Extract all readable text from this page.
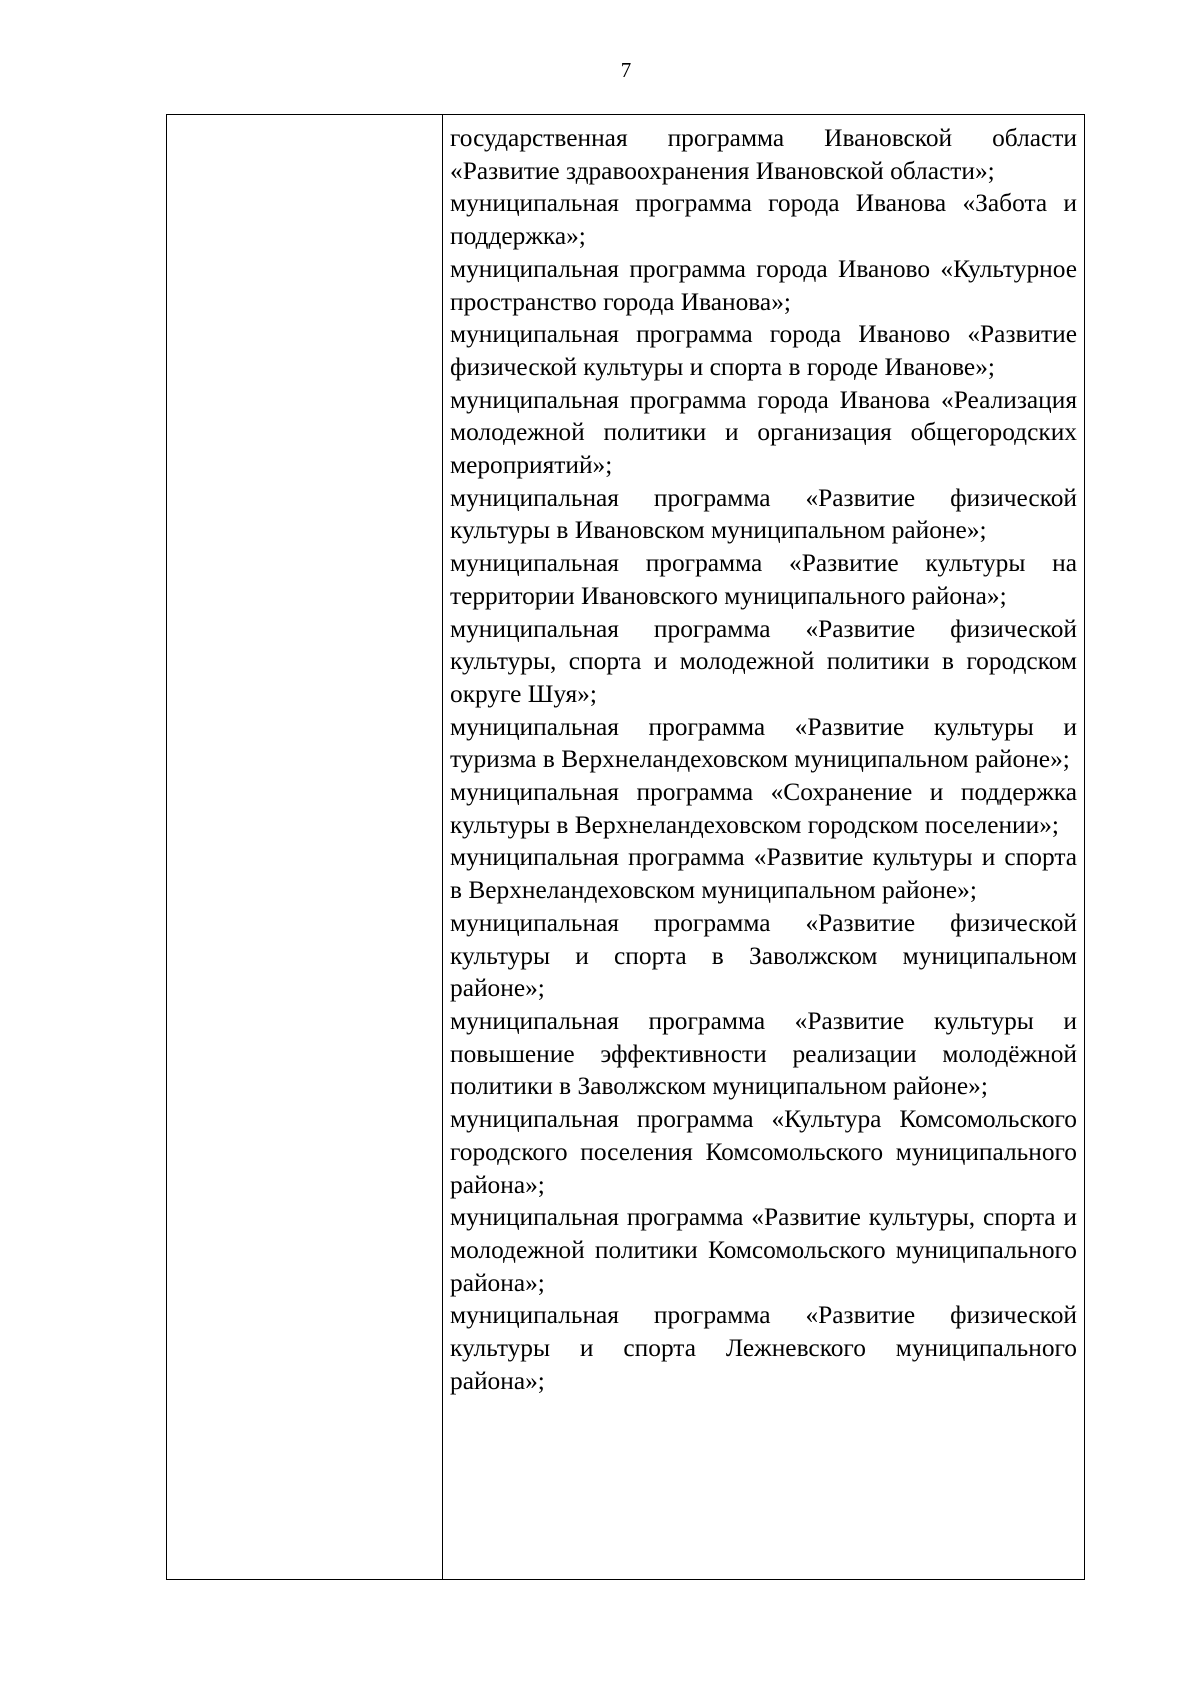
7

государственная программа Ивановской области «Развитие здравоохранения Ивановской области»;

муниципальная программа города Иванова «Забота и поддержка»;

муниципальная программа города Иваново «Культурное пространство города Иванова»;

муниципальная программа города Иваново «Развитие физической культуры и спорта в городе Иванове»;

муниципальная программа города Иванова «Реализация молодежной политики и организация общегородских мероприятий»;

муниципальная программа «Развитие физической культуры в Ивановском муниципальном районе»;

муниципальная программа «Развитие культуры на территории Ивановского муниципального района»;

муниципальная программа «Развитие физической культуры, спорта и молодежной политики в городском округе Шуя»;

муниципальная программа «Развитие культуры и туризма в Верхнеландеховском муниципальном районе»;

муниципальная программа «Сохранение и поддержка культуры в Верхнеландеховском городском поселении»;

муниципальная программа «Развитие культуры и спорта в Верхнеландеховском муниципальном районе»;

муниципальная программа «Развитие физической культуры и спорта в Заволжском муниципальном районе»;

муниципальная программа «Развитие культуры и повышение эффективности реализации молодёжной политики в Заволжском муниципальном районе»;

муниципальная программа «Культура Комсомольского городского поселения Комсомольского муниципального района»;

муниципальная программа «Развитие культуры, спорта и молодежной политики Комсомольского муниципального района»;

муниципальная программа «Развитие физической культуры и спорта Лежневского муниципального района»;
